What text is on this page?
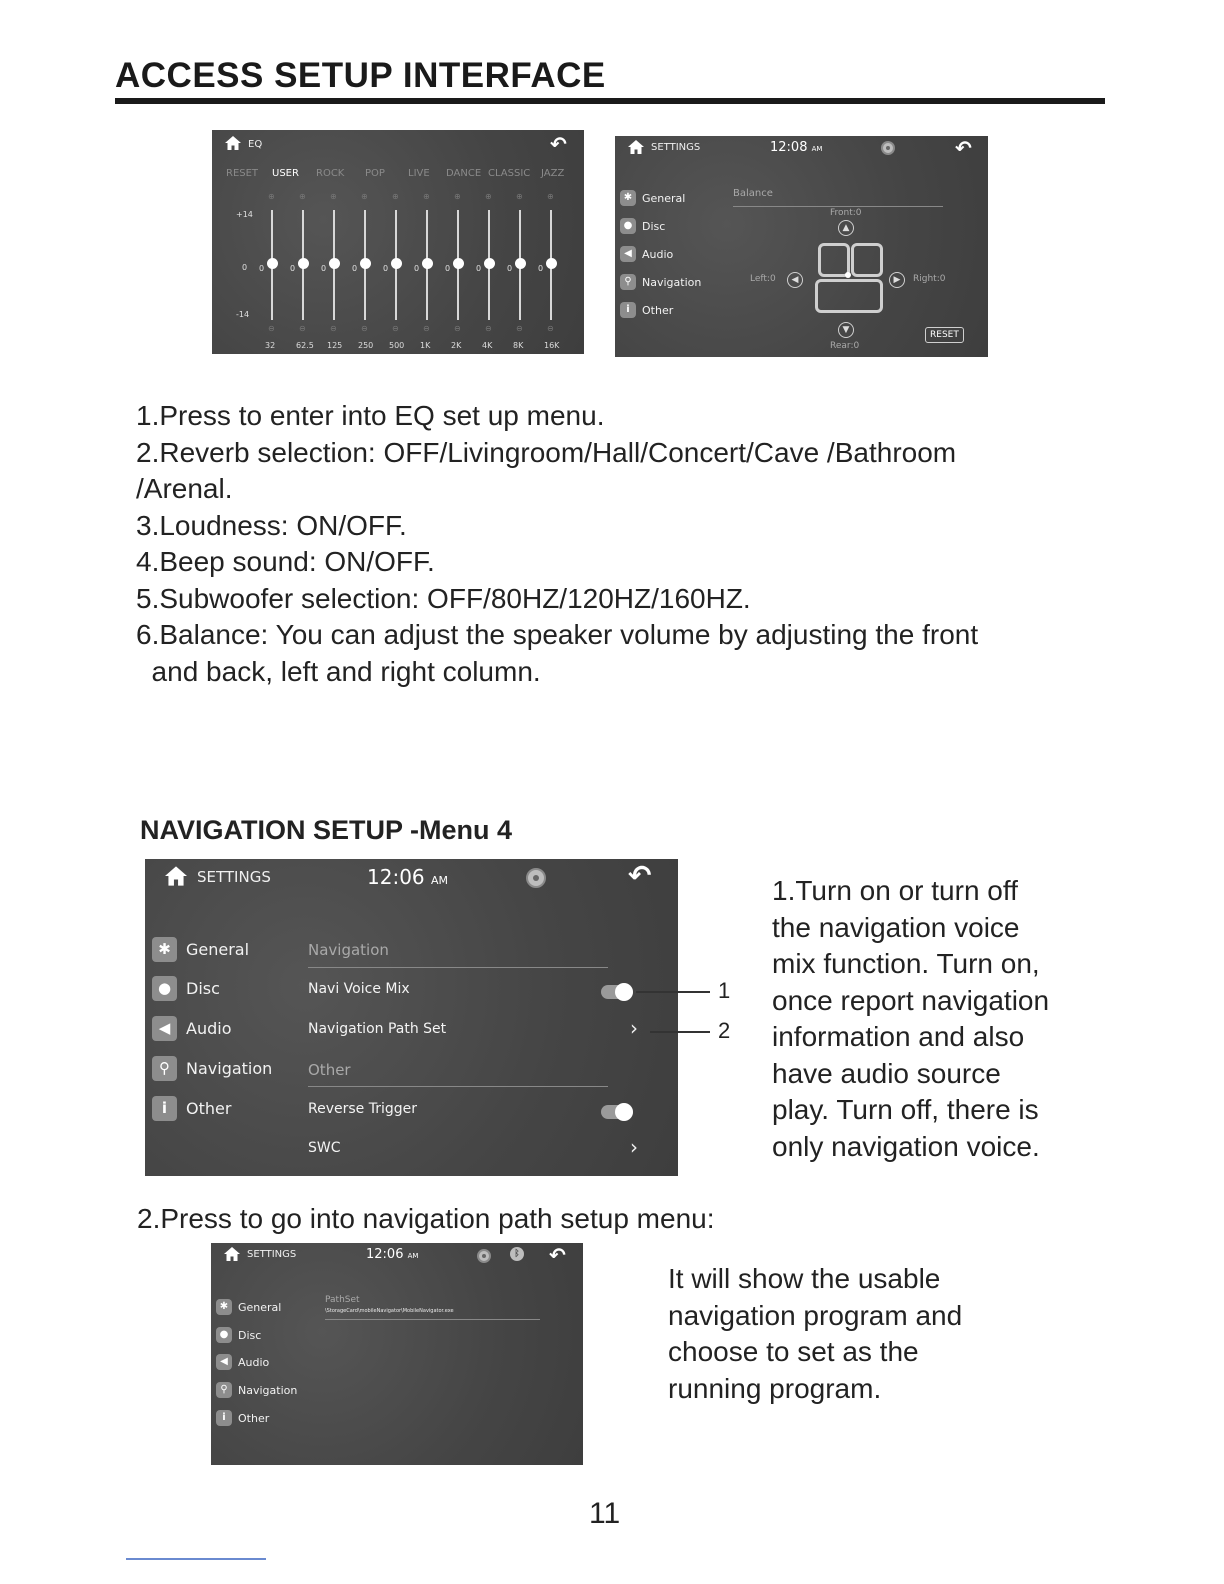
ACCESS SETUP INTERFACE
EQ	↶
RESET USER ROCK POP LIVE DANCE CLASSIC JAZZ
+14
0
-14
⊕
0
⊖
32
⊕
0
⊖
62.5
⊕
0
⊖
125
⊕
0
⊖
250
⊕
0
⊖
500
⊕
0
⊖
1K
⊕
0
⊖
2K
⊕
0
⊖
4K
⊕
0
⊖
8K
⊕
0
⊖
16K
SETTINGS	12:08 AM	↶
✱ General
● Disc
◀ Audio
⚲ Navigation
i	Other
Balance
Front:0
Rear:0
Left:0	Right:0
▲
▼
◀	▶
RESET
1.Press to enter into EQ set up menu.
2.Reverb selection: OFF/Livingroom/Hall/Concert/Cave /Bathroom
/Arenal.
3.Loudness: ON/OFF.
4.Beep sound: ON/OFF.
5.Subwoofer selection: OFF/80HZ/120HZ/160HZ.
6.Balance: You can adjust the speaker volume by adjusting the front
and back, left and right column.
NAVIGATION SETUP -Menu 4
SETTINGS	12:06 AM	↶
✱ General
● Disc
◀ Audio
⚲	Navigation
i	Other
Navigation
Navi Voice Mix
Navigation Path Set	›
Other
Reverse Trigger
SWC	›
1
2
1.Turn on or turn off
the navigation voice
mix function. Turn on,
once report navigation
information and also
have audio source
play. Turn off, there is
only navigation voice.
2.Press to go into navigation path setup menu:
SETTINGS	12:06 AM	ᛒ ↶
✱ General
● Disc
◀ Audio
⚲ Navigation
i	Other
PathSet
\StorageCard\mobileNavigator\MobileNavigator.exe
It will show the usable
navigation program and
choose to set as the
running program.
11
